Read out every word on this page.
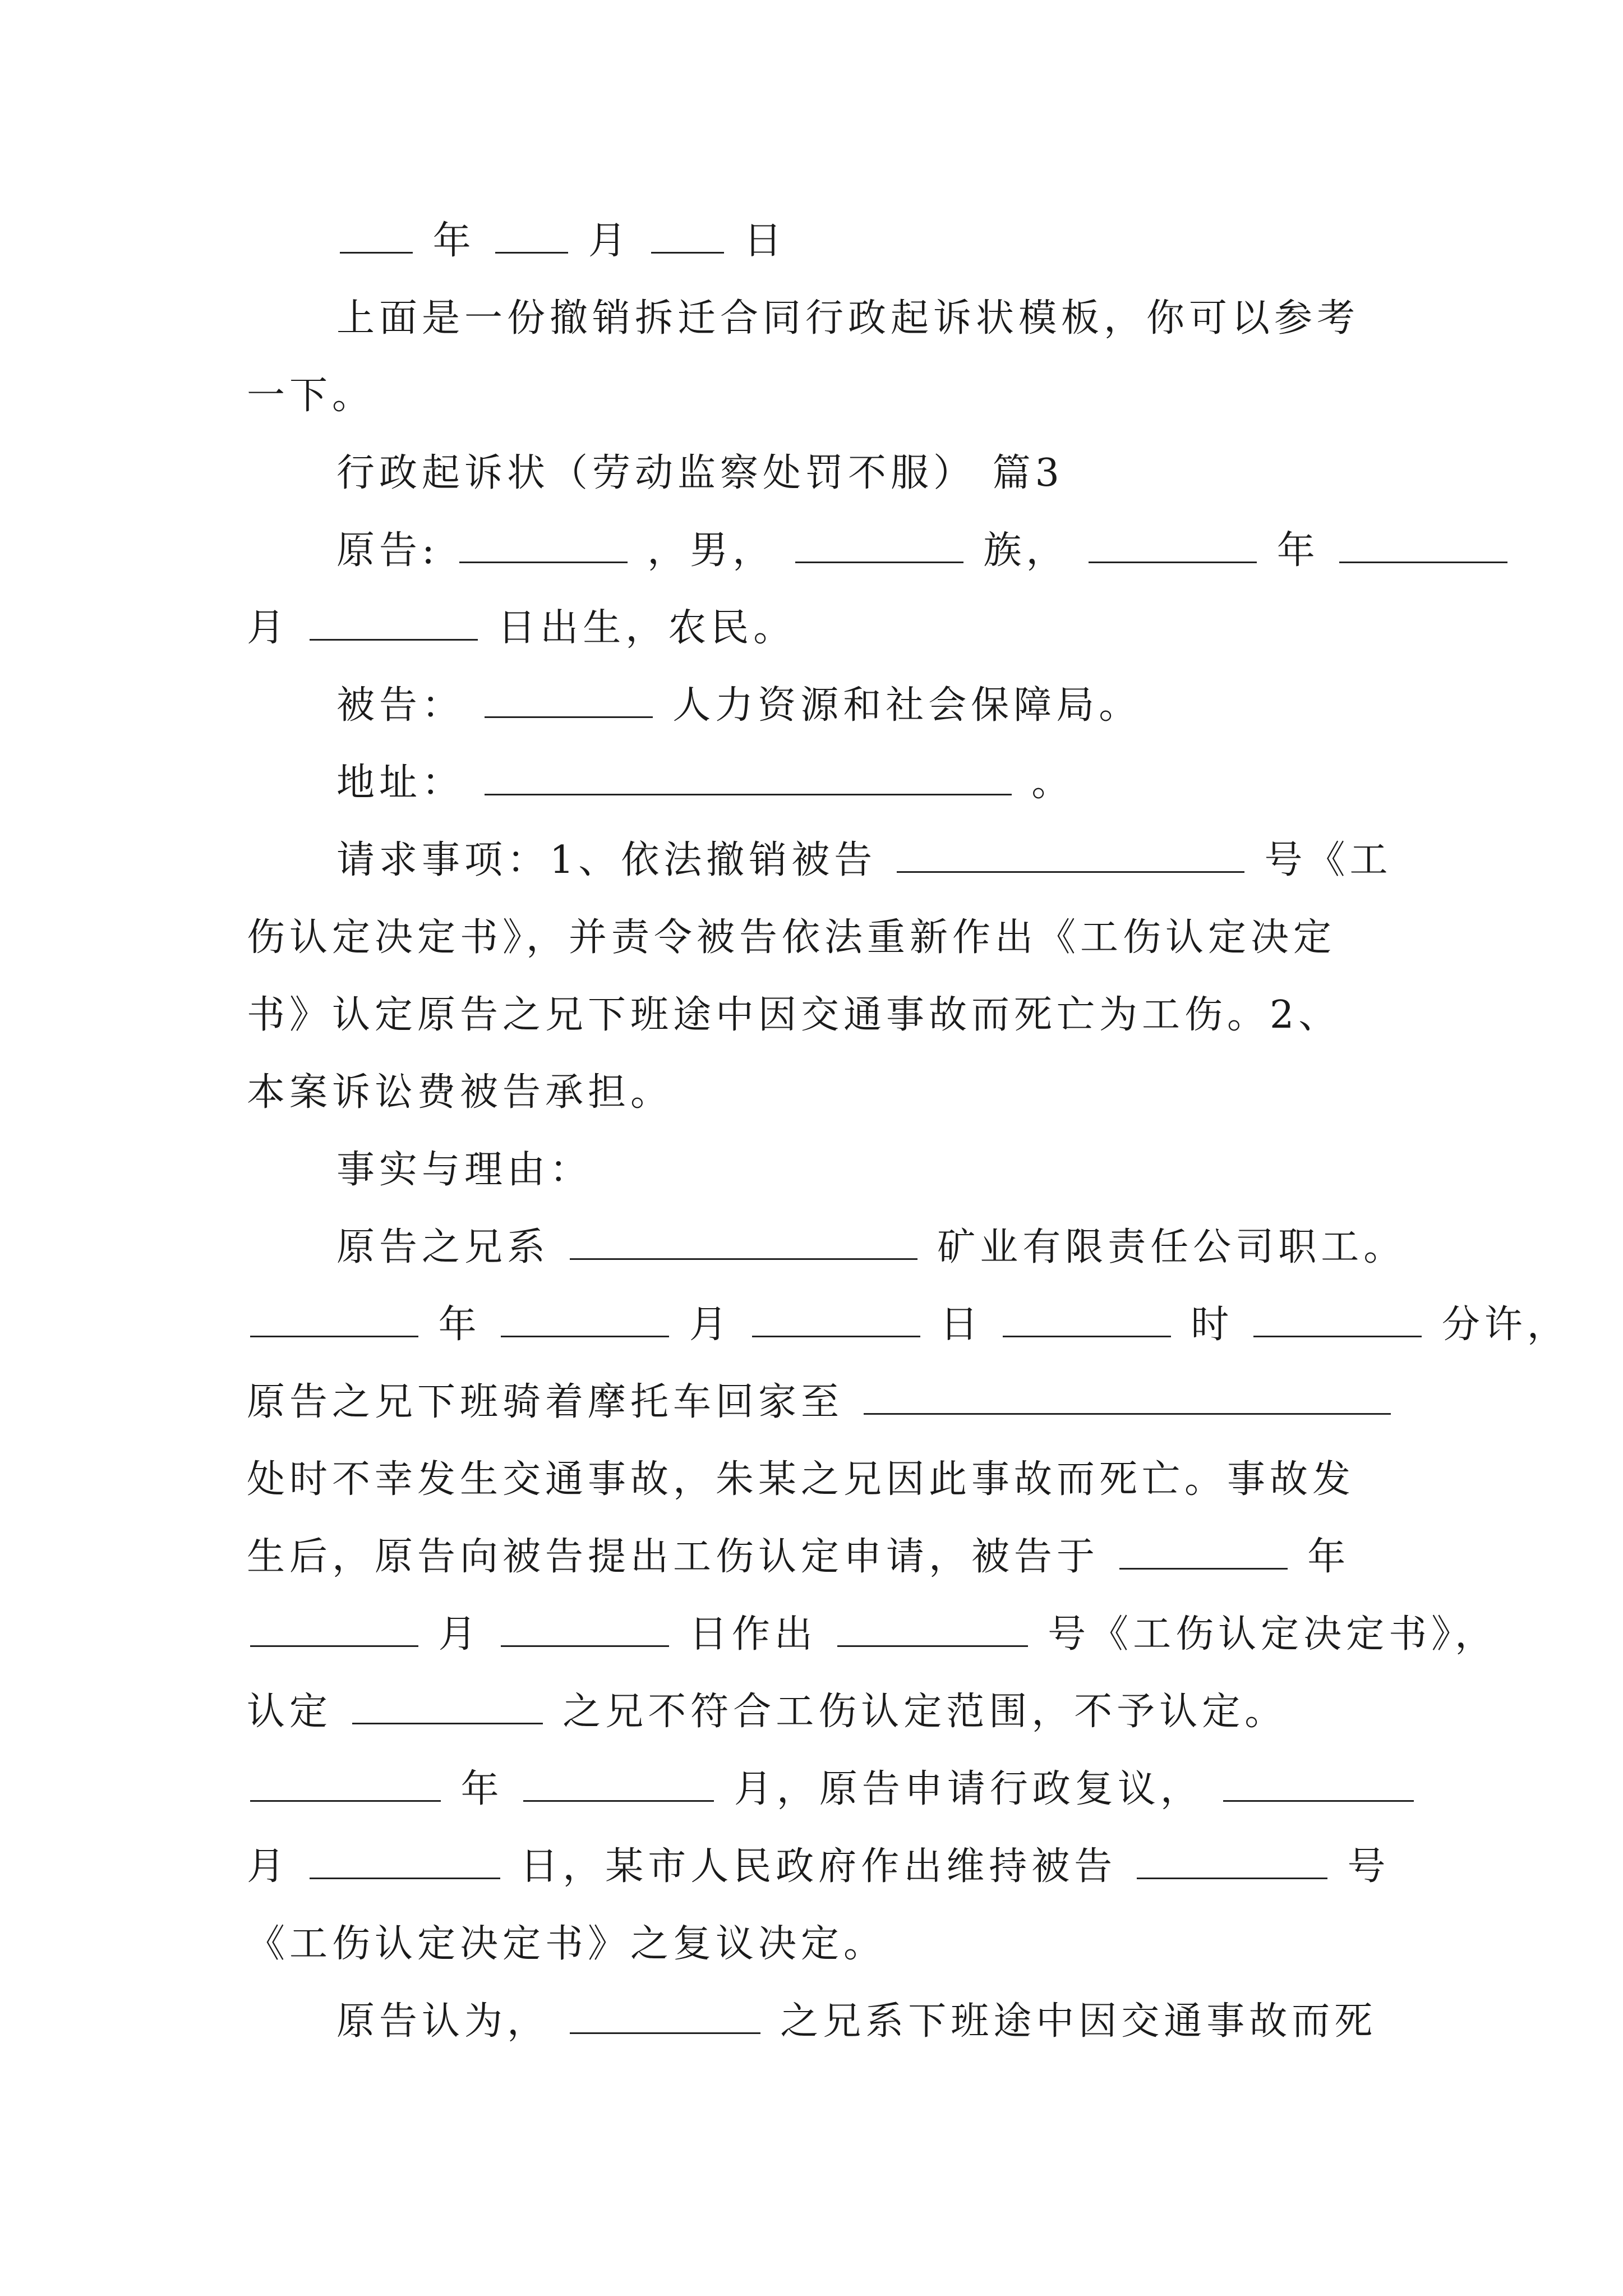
年	月	日
上面是一份撤销拆迁合同行政起诉状模板，你可以参考
一下。
行政起诉状（劳动监察处罚不服） 篇3
原告:	，男，	族，	年
月	日出生，农民。
被告：	人力资源和社会保障局。
地址：	。
请求事项：1、依法撤销被告	号《工
伤认定决定书》，并责令被告依法重新作出《工伤认定决定
书》认定原告之兄下班途中因交通事故而死亡为工伤。2、
本案诉讼费被告承担。
事实与理由：
原告之兄系	矿业有限责任公司职工。
年	月	日	时	分许，
原告之兄下班骑着摩托车回家至
处时不幸发生交通事故，朱某之兄因此事故而死亡。事故发
生后，原告向被告提出工伤认定申请，被告于	年
月	日作出	号《工伤认定决定书》，
认定	之兄不符合工伤认定范围，不予认定。
年	月，原告申请行政复议，
月	日，某市人民政府作出维持被告	号
《工伤认定决定书》之复议决定。
原告认为，	之兄系下班途中因交通事故而死
